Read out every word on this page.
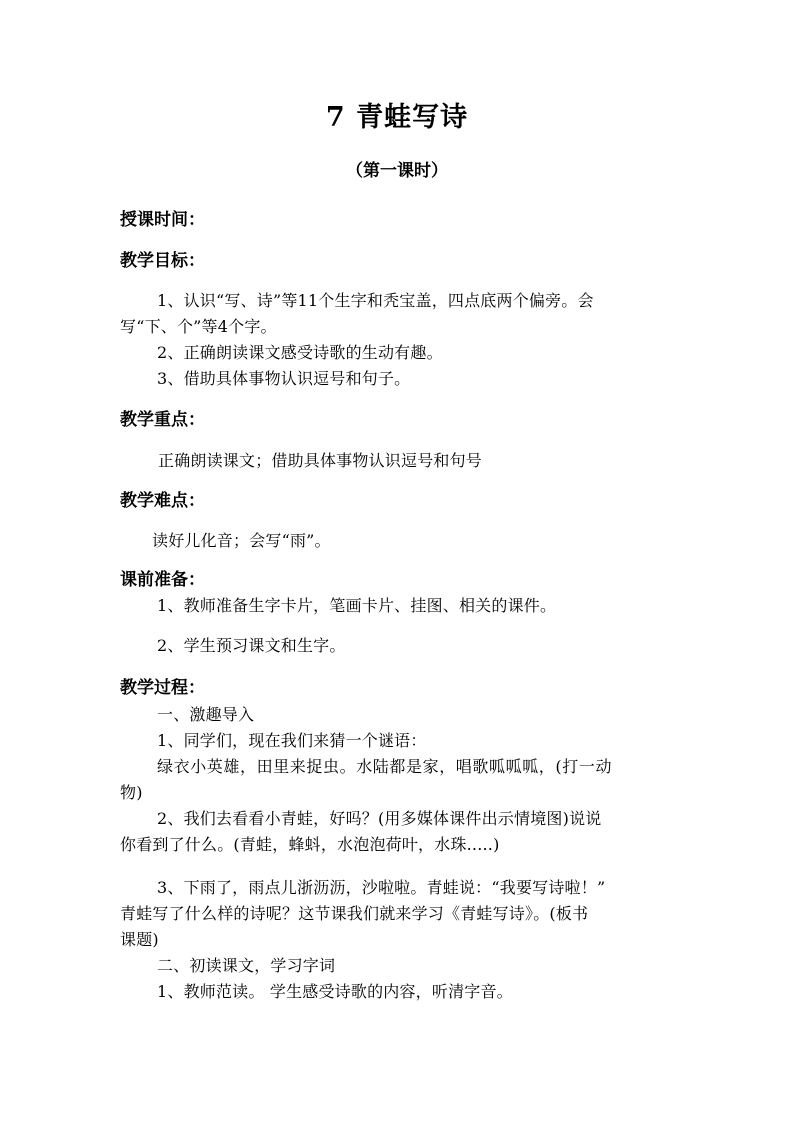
7 青蛙写诗
（第一课时）
授课时间：
教学目标：
1、认识“写、诗”等11个生字和秃宝盖，四点底两个偏旁。会
写“下、个”等4个字。
2、正确朗读课文感受诗歌的生动有趣。
3、借助具体事物认识逗号和句子。
教学重点：
正确朗读课文；借助具体事物认识逗号和句号
教学难点：
读好儿化音；会写“雨”。
课前准备：
1、教师准备生字卡片，笔画卡片、挂图、相关的课件。
2、学生预习课文和生字。
教学过程：
一、激趣导入
1、同学们，现在我们来猜一个谜语：
绿衣小英雄，田里来捉虫。水陆都是家，唱歌呱呱呱，(打一动
物)
2、我们去看看小青蛙，好吗？(用多媒体课件出示情境图)说说
你看到了什么。(青蛙，蜂蚪，水泡泡荷叶，水珠.....)
3、下雨了，雨点儿浙沥沥，沙啦啦。青蛙说：“我要写诗啦！”
青蛙写了什么样的诗呢？这节课我们就来学习《青蛙写诗》。(板书
课题)
二、初读课文，学习字词
1、教师范读。 学生感受诗歌的内容，听清字音。
